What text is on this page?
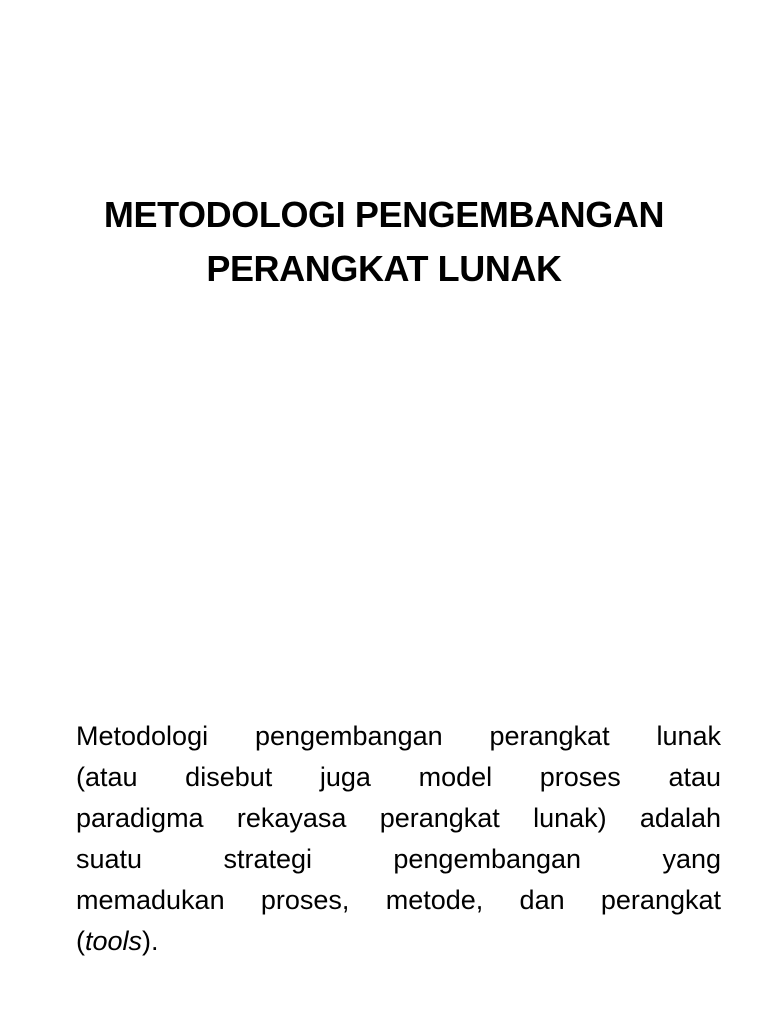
METODOLOGI PENGEMBANGAN
PERANGKAT LUNAK
Metodologi pengembangan perangkat lunak
(atau disebut juga model proses atau
paradigma rekayasa perangkat lunak) adalah
suatu strategi pengembangan yang
memadukan proses, metode, dan perangkat
(tools).
